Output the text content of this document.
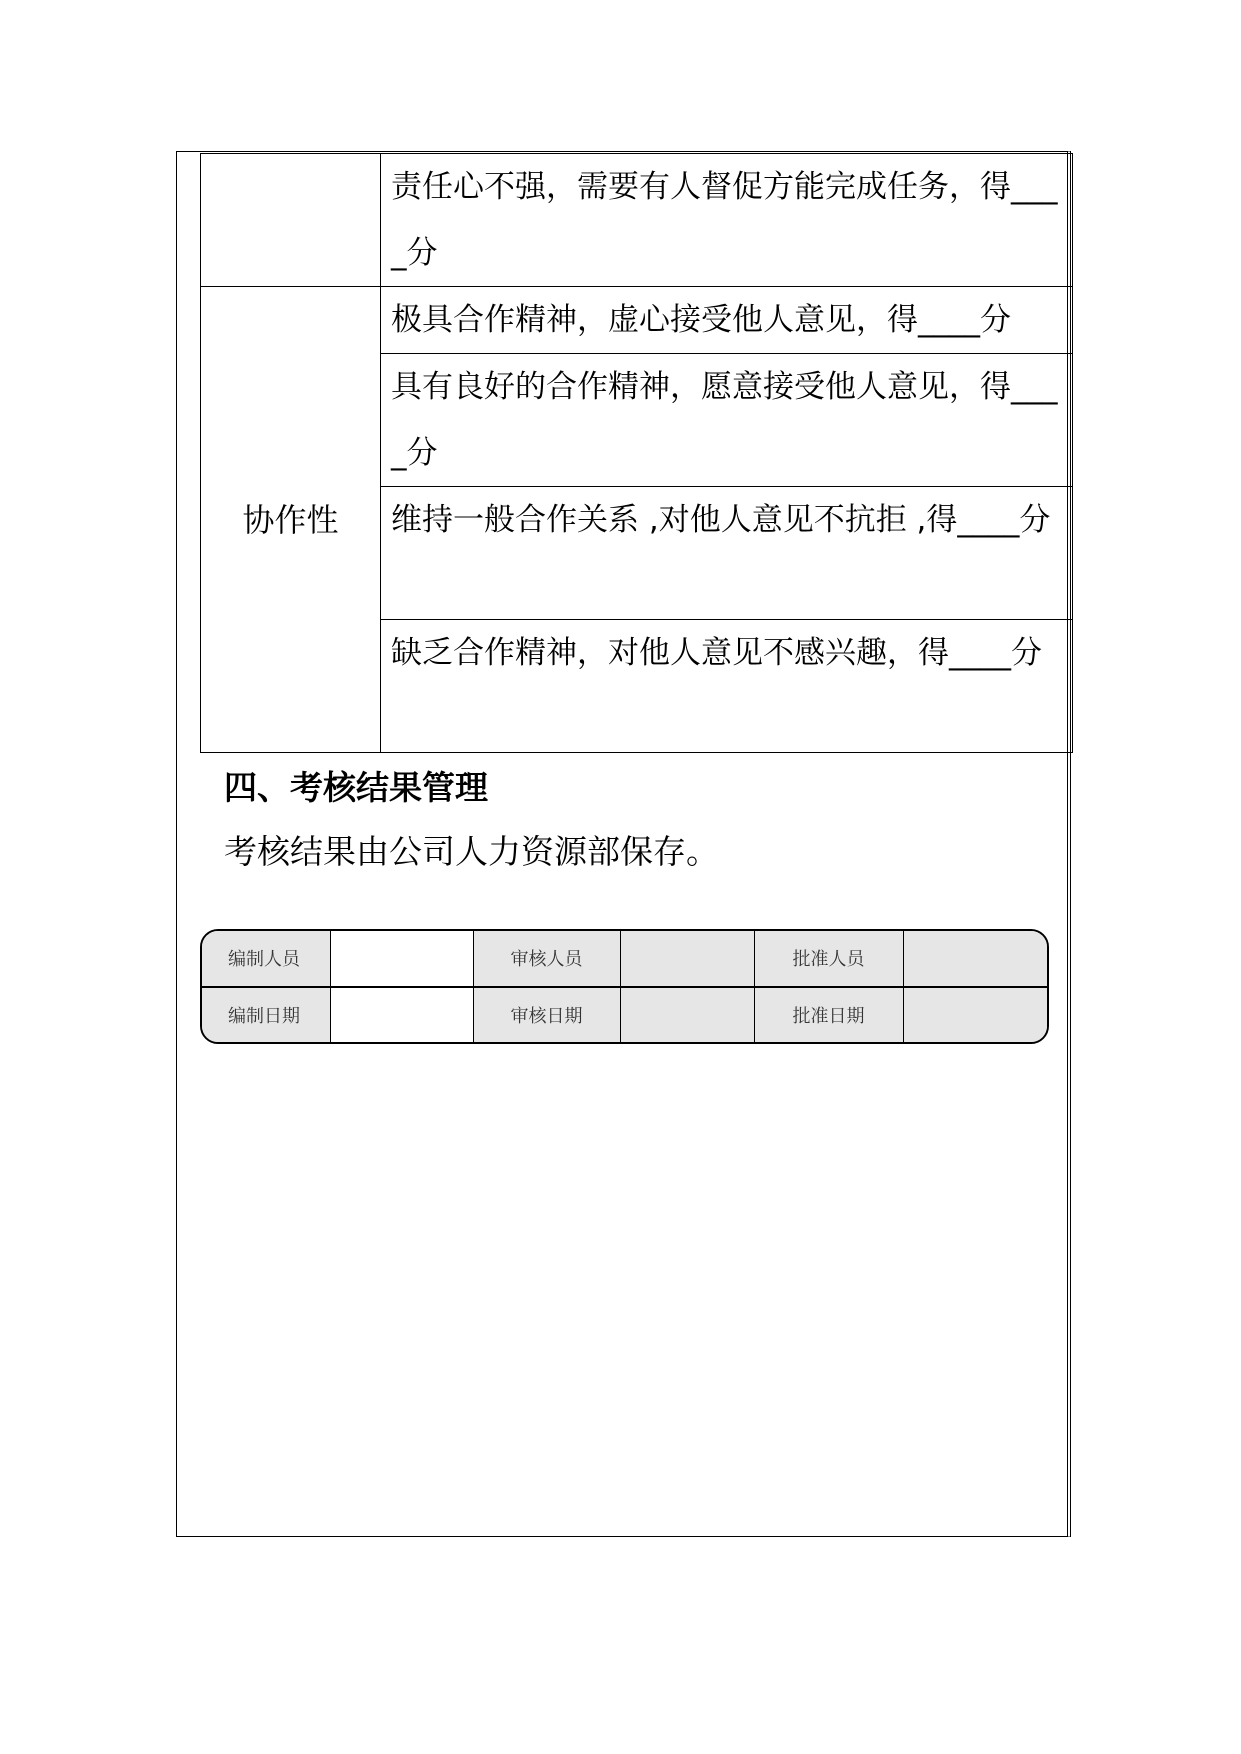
	责任心不强，需要有人督促方能完成任务，得____分
协作性	极具合作精神，虚心接受他人意见，得____分
	具有良好的合作精神，愿意接受他人意见，得____分
	维持一般合作关系 ,对他人意见不抗拒 ,得____分
	缺乏合作精神，对他人意见不感兴趣，得____分
四、考核结果管理
考核结果由公司人力资源部保存。
编制人员		审核人员		批准人员	
编制日期		审核日期		批准日期	
